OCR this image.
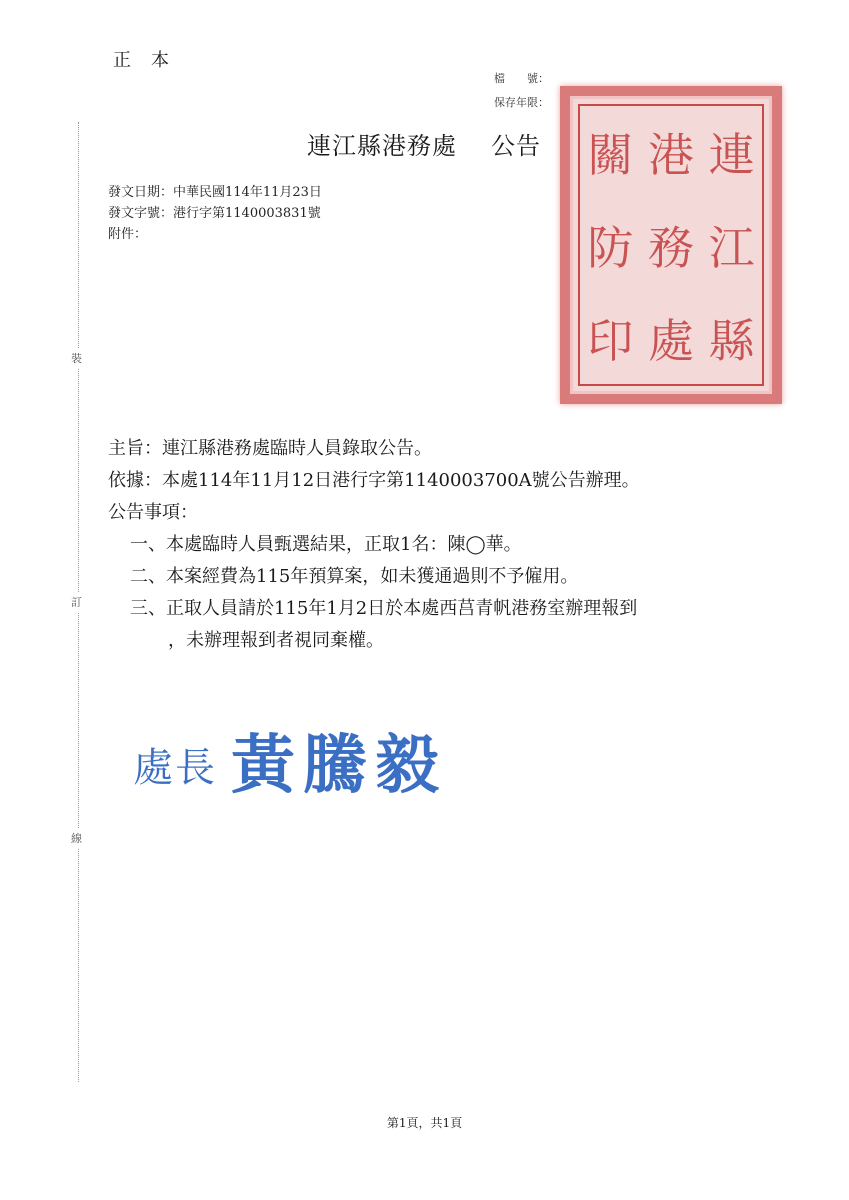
裝
訂
線
正本
檔　　號：
保存年限：
連江縣港務處 公告
發文日期：中華民國114年11月23日
發文字號：港行字第1140003831號
附件：
關 港 連
防 務 江
印 處 縣
主旨：連江縣港務處臨時人員錄取公告。
依據：本處114年11月12日港行字第1140003700A號公告辦理。
公告事項：
一、本處臨時人員甄選結果，正取1名：陳◯華。
二、本案經費為115年預算案，如未獲通過則不予僱用。
三、正取人員請於115年1月2日於本處西莒青帆港務室辦理報到
，未辦理報到者視同棄權。
處長 黃騰毅
第1頁，共1頁
